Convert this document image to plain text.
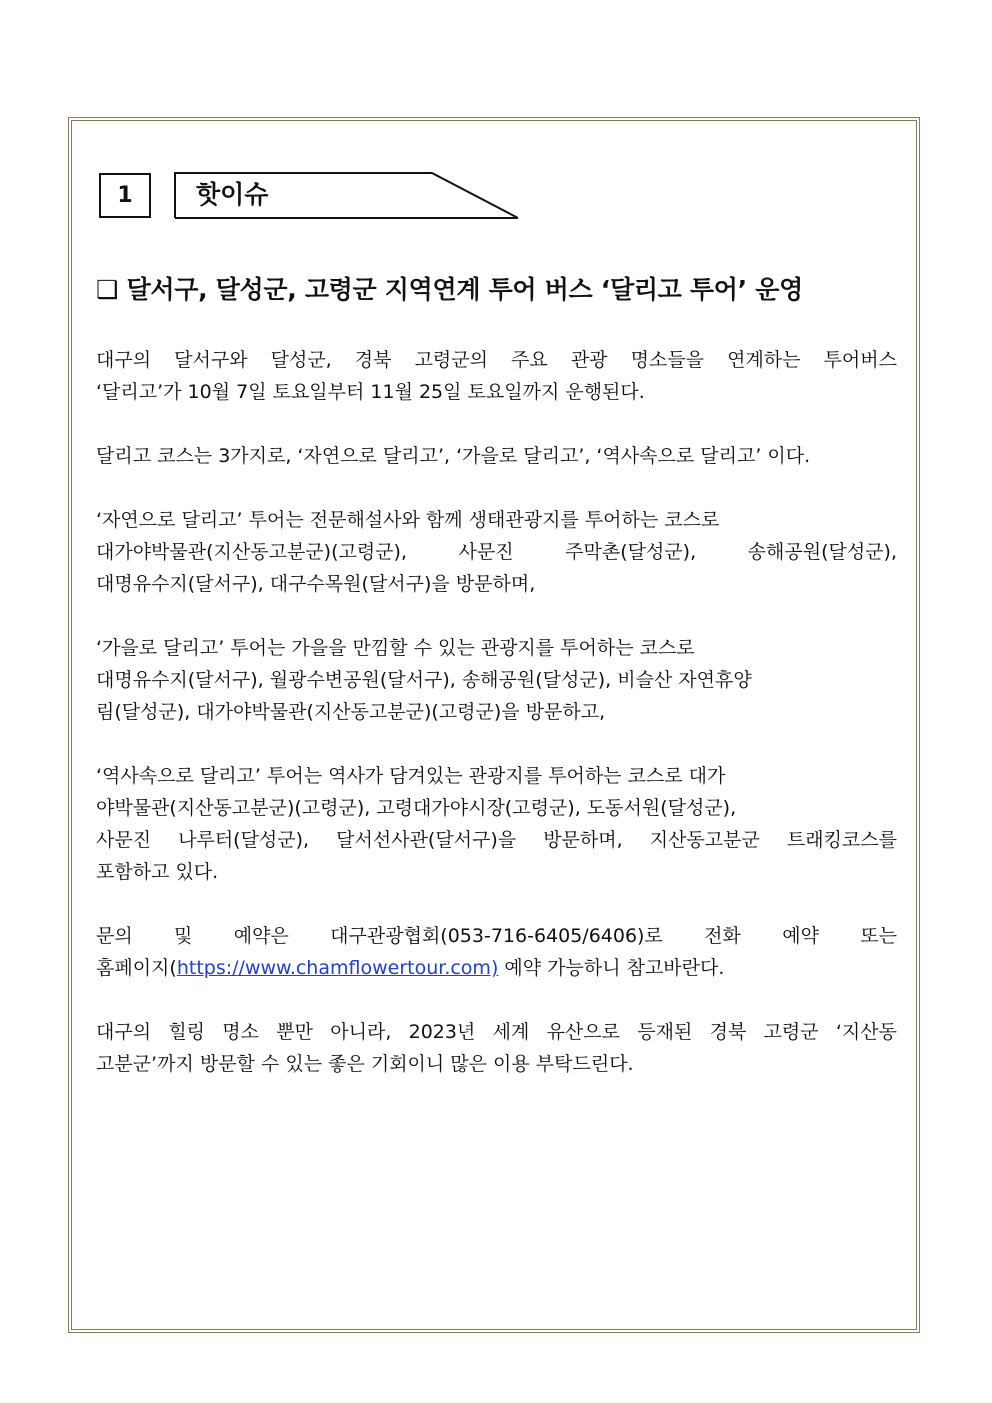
1	핫이슈
❑ 달서구, 달성군, 고령군 지역연계 투어 버스 ‘달리고 투어’ 운영
대구의 달서구와 달성군, 경북 고령군의 주요 관광 명소들을 연계하는 투어버스
‘달리고’가 10월 7일 토요일부터 11월 25일 토요일까지 운행된다.
달리고 코스는 3가지로, ‘자연으로 달리고’, ‘가을로 달리고’, ‘역사속으로 달리고’ 이다.
‘자연으로 달리고’ 투어는 전문해설사와 함께 생태관광지를 투어하는 코스로
대가야박물관(지산동고분군)(고령군), 사문진 주막촌(달성군), 송해공원(달성군),
대명유수지(달서구), 대구수목원(달서구)을 방문하며,
‘가을로 달리고’ 투어는 가을을 만낌할 수 있는 관광지를 투어하는 코스로
대명유수지(달서구), 월광수변공원(달서구), 송해공원(달성군), 비슬산 자연휴양
림(달성군), 대가야박물관(지산동고분군)(고령군)을 방문하고,
‘역사속으로 달리고’ 투어는 역사가 담겨있는 관광지를 투어하는 코스로 대가
야박물관(지산동고분군)(고령군), 고령대가야시장(고령군), 도동서원(달성군),
사문진 나루터(달성군), 달서선사관(달서구)을 방문하며, 지산동고분군 트래킹코스를
포함하고 있다.
문의 및 예약은 대구관광협회(053-716-6405/6406)로 전화 예약 또는
홈페이지(https://www.chamflowertour.com) 예약 가능하니 참고바란다.
대구의 힐링 명소 뿐만 아니라, 2023년 세계 유산으로 등재된 경북 고령군 ‘지산동
고분군’까지 방문할 수 있는 좋은 기회이니 많은 이용 부탁드린다.
